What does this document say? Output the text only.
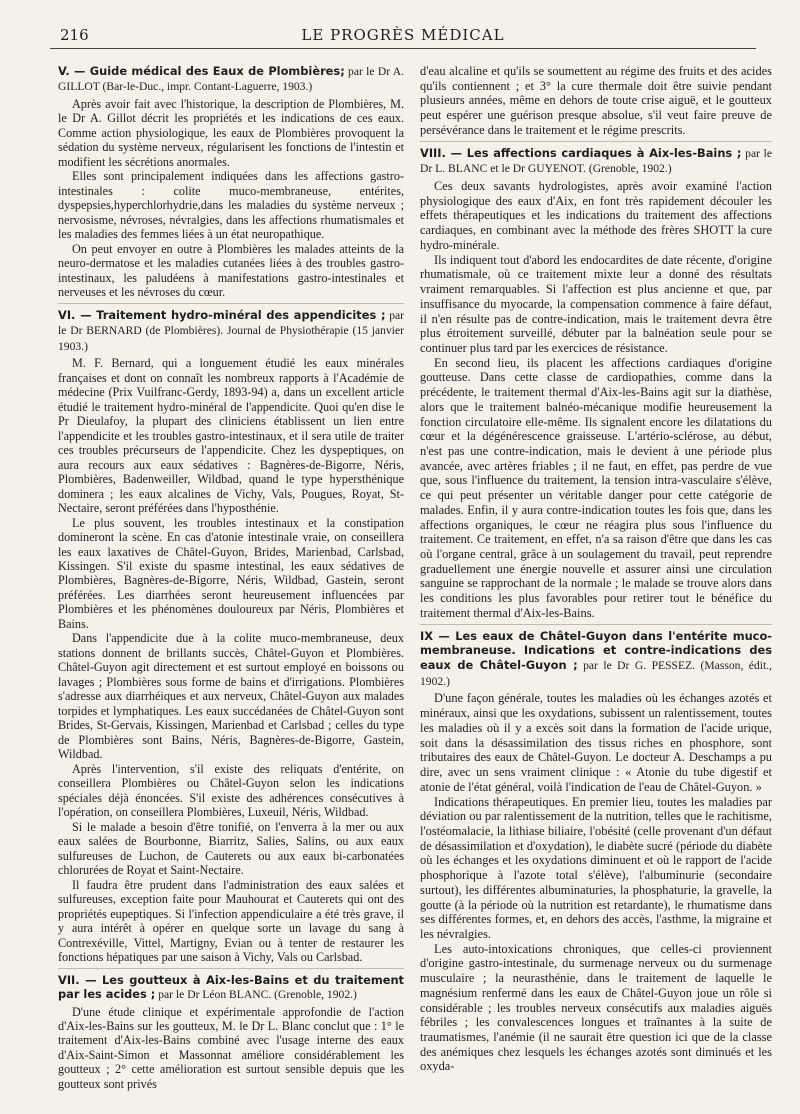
216	LE PROGRÈS MÉDICAL
V. — Guide médical des Eaux de Plombières; par le Dr A. GILLOT (Bar-le-Duc., impr. Contant-Laguerre, 1903.)

Après avoir fait avec l'historique, la description de Plombières, M. le Dr A. Gillot décrit les propriétés et les indications de ces eaux. Comme action physiologique, les eaux de Plombières provoquent la sédation du système nerveux, régularisent les fonctions de l'intestin et modifient les sécrétions anormales.

Elles sont principalement indiquées dans les affections gastro-intestinales : colite muco-membraneuse, entérites, dyspepsies,hyperchlorhydrie,dans les maladies du système nerveux ; nervosisme, névroses, névralgies, dans les affections rhumatismales et les maladies des femmes liées à un état neuropathique.

On peut envoyer en outre à Plombières les malades atteints de la neuro-dermatose et les maladies cutanées liées à des troubles gastro-intestinaux, les paludéens à manifestations gastro-intestinales et nerveuses et les névroses du cœur.

VI. — Traitement hydro-minéral des appendicites ; par le Dr BERNARD (de Plombières). Journal de Physiothérapie (15 janvier 1903.)

M. F. Bernard, qui a longuement étudié les eaux minérales françaises et dont on connaît les nombreux rapports à l'Académie de médecine (Prix Vuilfranc-Gerdy, 1893-94) a, dans un excellent article étudié le traitement hydro-minéral de l'appendicite. Quoi qu'en dise le Pr Dieulafoy, la plupart des cliniciens établissent un lien entre l'appendicite et les troubles gastro-intestinaux, et il sera utile de traiter ces troubles précurseurs de l'appendicite. Chez les dyspeptiques, on aura recours aux eaux sédatives : Bagnères-de-Bigorre, Néris, Plombières, Badenweiller, Wildbad, quand le type hypersthénique dominera ; les eaux alcalines de Vichy, Vals, Pougues, Royat, St-Nectaire, seront préférées dans l'hyposthénie.

Le plus souvent, les troubles intestinaux et la constipation domineront la scène. En cas d'atonie intestinale vraie, on conseillera les eaux laxatives de Châtel-Guyon, Brides, Marienbad, Carlsbad, Kissingen. S'il existe du spasme intestinal, les eaux sédatives de Plombières, Bagnères-de-Bigorre, Néris, Wildbad, Gastein, seront préférées. Les diarrhées seront heureusement influencées par Plombières et les phénomènes douloureux par Néris, Plombières et Bains.

Dans l'appendicite due à la colite muco-membraneuse, deux stations donnent de brillants succès, Châtel-Guyon et Plombières. Châtel-Guyon agit directement et est surtout employé en boissons ou lavages ; Plombières sous forme de bains et d'irrigations. Plombières s'adresse aux diarrhéiques et aux nerveux, Châtel-Guyon aux malades torpides et lymphatiques. Les eaux succédanées de Châtel-Guyon sont Brides, St-Gervais, Kissingen, Marienbad et Carlsbad ; celles du type de Plombières sont Bains, Néris, Bagnères-de-Bigorre, Gastein, Wildbad.

Après l'intervention, s'il existe des reliquats d'entérite, on conseillera Plombières ou Châtel-Guyon selon les indications spéciales déjà énoncées. S'il existe des adhérences consécutives à l'opération, on conseillera Plombières, Luxeuil, Néris, Wildbad.

Si le malade a besoin d'être tonifié, on l'enverra à la mer ou aux eaux salées de Bourbonne, Biarritz, Salies, Salins, ou aux eaux sulfureuses de Luchon, de Cauterets ou aux eaux bi-carbonatées chlorurées de Royat et Saint-Nectaire.

Il faudra être prudent dans l'administration des eaux salées et sulfureuses, exception faite pour Mauhourat et Cauterets qui ont des propriétés eupeptiques. Si l'infection appendiculaire a été très grave, il y aura intérêt à opérer en quelque sorte un lavage du sang à Contrexéville, Vittel, Martigny, Evian ou à tenter de restaurer les fonctions hépatiques par une saison à Vichy, Vals ou Carlsbad.

VII. — Les goutteux à Aix-les-Bains et du traitement par les acides ; par le Dr Léon BLANC. (Grenoble, 1902.)

D'une étude clinique et expérimentale approfondie de l'action d'Aix-les-Bains sur les goutteux, M. le Dr L. Blanc conclut que : 1° le traitement d'Aix-les-Bains combiné avec l'usage interne des eaux d'Aix-Saint-Simon et Massonnat améliore considérablement les goutteux ; 2° cette amélioration est surtout sensible depuis que les goutteux sont privés

d'eau alcaline et qu'ils se soumettent au régime des fruits et des acides qu'ils contiennent ; et 3° la cure thermale doit être suivie pendant plusieurs années, même en dehors de toute crise aiguë, et le goutteux peut espérer une guérison presque absolue, s'il veut faire preuve de persévérance dans le traitement et le régime prescrits.

VIII. — Les affections cardiaques à Aix-les-Bains ; par le Dr L. BLANC et le Dr GUYENOT. (Grenoble, 1902.)

Ces deux savants hydrologistes, après avoir examiné l'action physiologique des eaux d'Aix, en font très rapidement découler les effets thérapeutiques et les indications du traitement des affections cardiaques, en combinant avec la méthode des frères SHOTT la cure hydro-minérale.

Ils indiquent tout d'abord les endocardites de date récente, d'origine rhumatismale, où ce traitement mixte leur a donné des résultats vraiment remarquables. Si l'affection est plus ancienne et que, par insuffisance du myocarde, la compensation commence à faire défaut, il n'en résulte pas de contre-indication, mais le traitement devra être plus étroitement surveillé, débuter par la balnéation seule pour se continuer plus tard par les exercices de résistance.

En second lieu, ils placent les affections cardiaques d'origine goutteuse. Dans cette classe de cardiopathies, comme dans la précédente, le traitement thermal d'Aix-les-Bains agit sur la diathèse, alors que le traitement balnéo-mécanique modifie heureusement la fonction circulatoire elle-même. Ils signalent encore les dilatations du cœur et la dégénérescence graisseuse. L'artério-sclérose, au début, n'est pas une contre-indication, mais le devient à une période plus avancée, avec artères friables ; il ne faut, en effet, pas perdre de vue que, sous l'influence du traitement, la tension intra-vasculaire s'élève, ce qui peut présenter un véritable danger pour cette catégorie de malades. Enfin, il y aura contre-indication toutes les fois que, dans les affections organiques, le cœur ne réagira plus sous l'influence du traitement. Ce traitement, en effet, n'a sa raison d'être que dans les cas où l'organe central, grâce à un soulagement du travail, peut reprendre graduellement une énergie nouvelle et assurer ainsi une circulation sanguine se rapprochant de la normale ; le malade se trouve alors dans les conditions les plus favorables pour retirer tout le bénéfice du traitement thermal d'Aix-les-Bains.

IX — Les eaux de Châtel-Guyon dans l'entérite muco-membraneuse. Indications et contre-indications des eaux de Châtel-Guyon ; par le Dr G. PESSEZ. (Masson, édit., 1902.)

D'une façon générale, toutes les maladies où les échanges azotés et minéraux, ainsi que les oxydations, subissent un ralentissement, toutes les maladies où il y a excès soit dans la formation de l'acide urique, soit dans la désassimilation des tissus riches en phosphore, sont tributaires des eaux de Châtel-Guyon. Le docteur A. Deschamps a pu dire, avec un sens vraiment clinique : « Atonie du tube digestif et atonie de l'état général, voilà l'indication de l'eau de Châtel-Guyon. »

Indications thérapeutiques. En premier lieu, toutes les maladies par déviation ou par ralentissement de la nutrition, telles que le rachitisme, l'ostéomalacie, la lithiase biliaire, l'obésité (celle provenant d'un défaut de désassimilation et d'oxydation), le diabète sucré (période du diabète où les échanges et les oxydations diminuent et où le rapport de l'acide phosphorique à l'azote total s'élève), l'albuminurie (secondaire surtout), les différentes albuminaturies, la phosphaturie, la gravelle, la goutte (à la période où la nutrition est retardante), le rhumatisme dans ses différentes formes, et, en dehors des accès, l'asthme, la migraine et les névralgies.

Les auto-intoxications chroniques, que celles-ci proviennent d'origine gastro-intestinale, du surmenage nerveux ou du surmenage musculaire ; la neurasthénie, dans le traitement de laquelle le magnésium renfermé dans les eaux de Châtel-Guyon joue un rôle si considérable ; les troubles nerveux consécutifs aux maladies aiguës fébriles ; les convalescences longues et traînantes à la suite de traumatismes, l'anémie (il ne saurait être question ici que de la classe des anémiques chez lesquels les échanges azotés sont diminués et les oxyda-
